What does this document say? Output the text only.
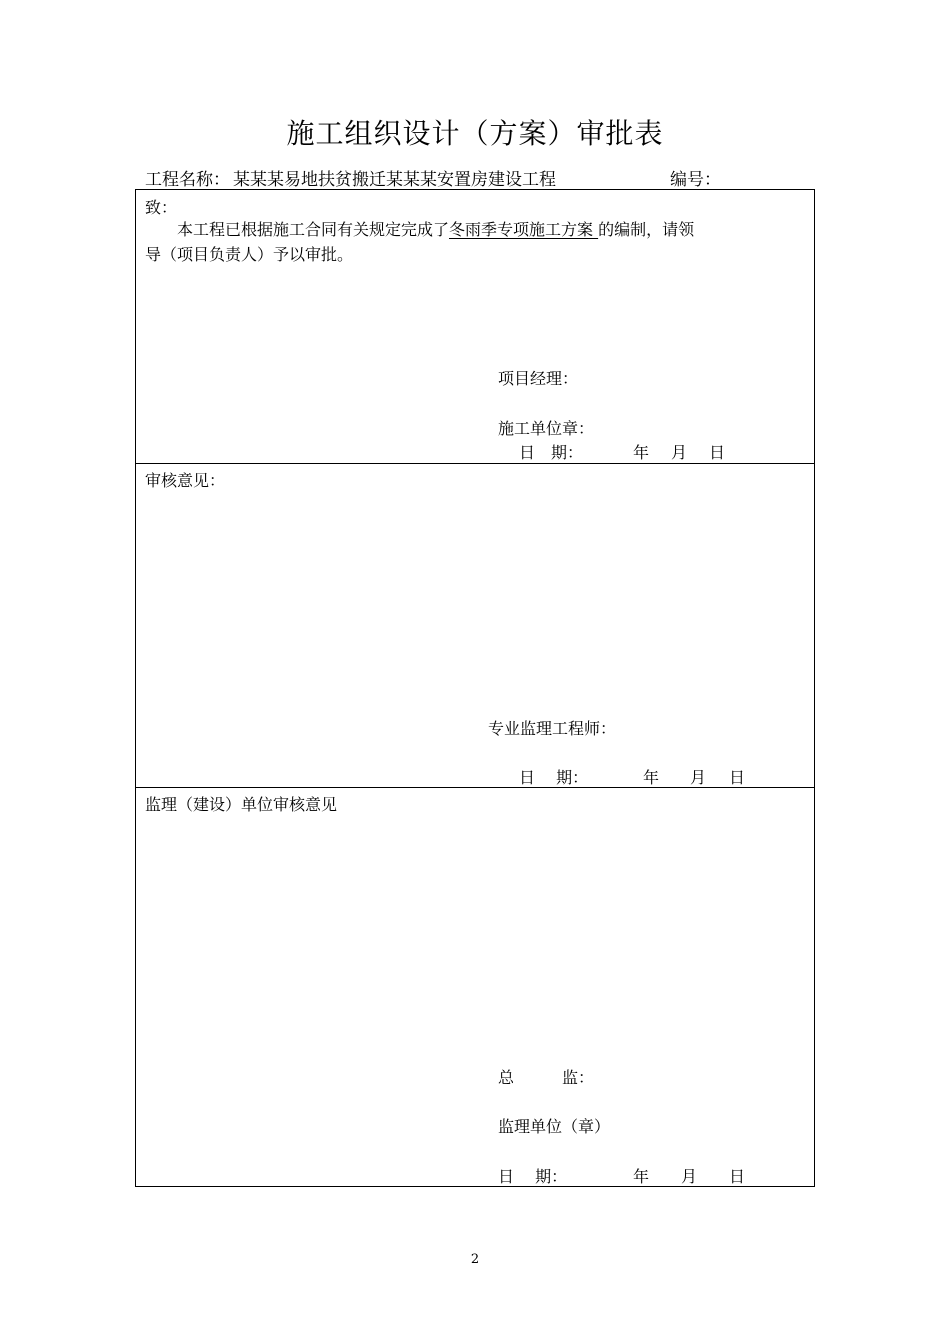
施工组织设计（方案）审批表
工程名称： 某某某易地扶贫搬迁某某某安置房建设工程	编号：
致：
本工程已根据施工合同有关规定完成了冬雨季专项施工方案 的编制，请领
导（项目负责人）予以审批。
项目经理：
施工单位章：
日　期：	年 月 日
审核意见：
专业监理工程师：
日　 期：	年 月 日
监理（建设）单位审核意见
总　　　监：
监理单位（章）
日　 期：	年 月 日
2
